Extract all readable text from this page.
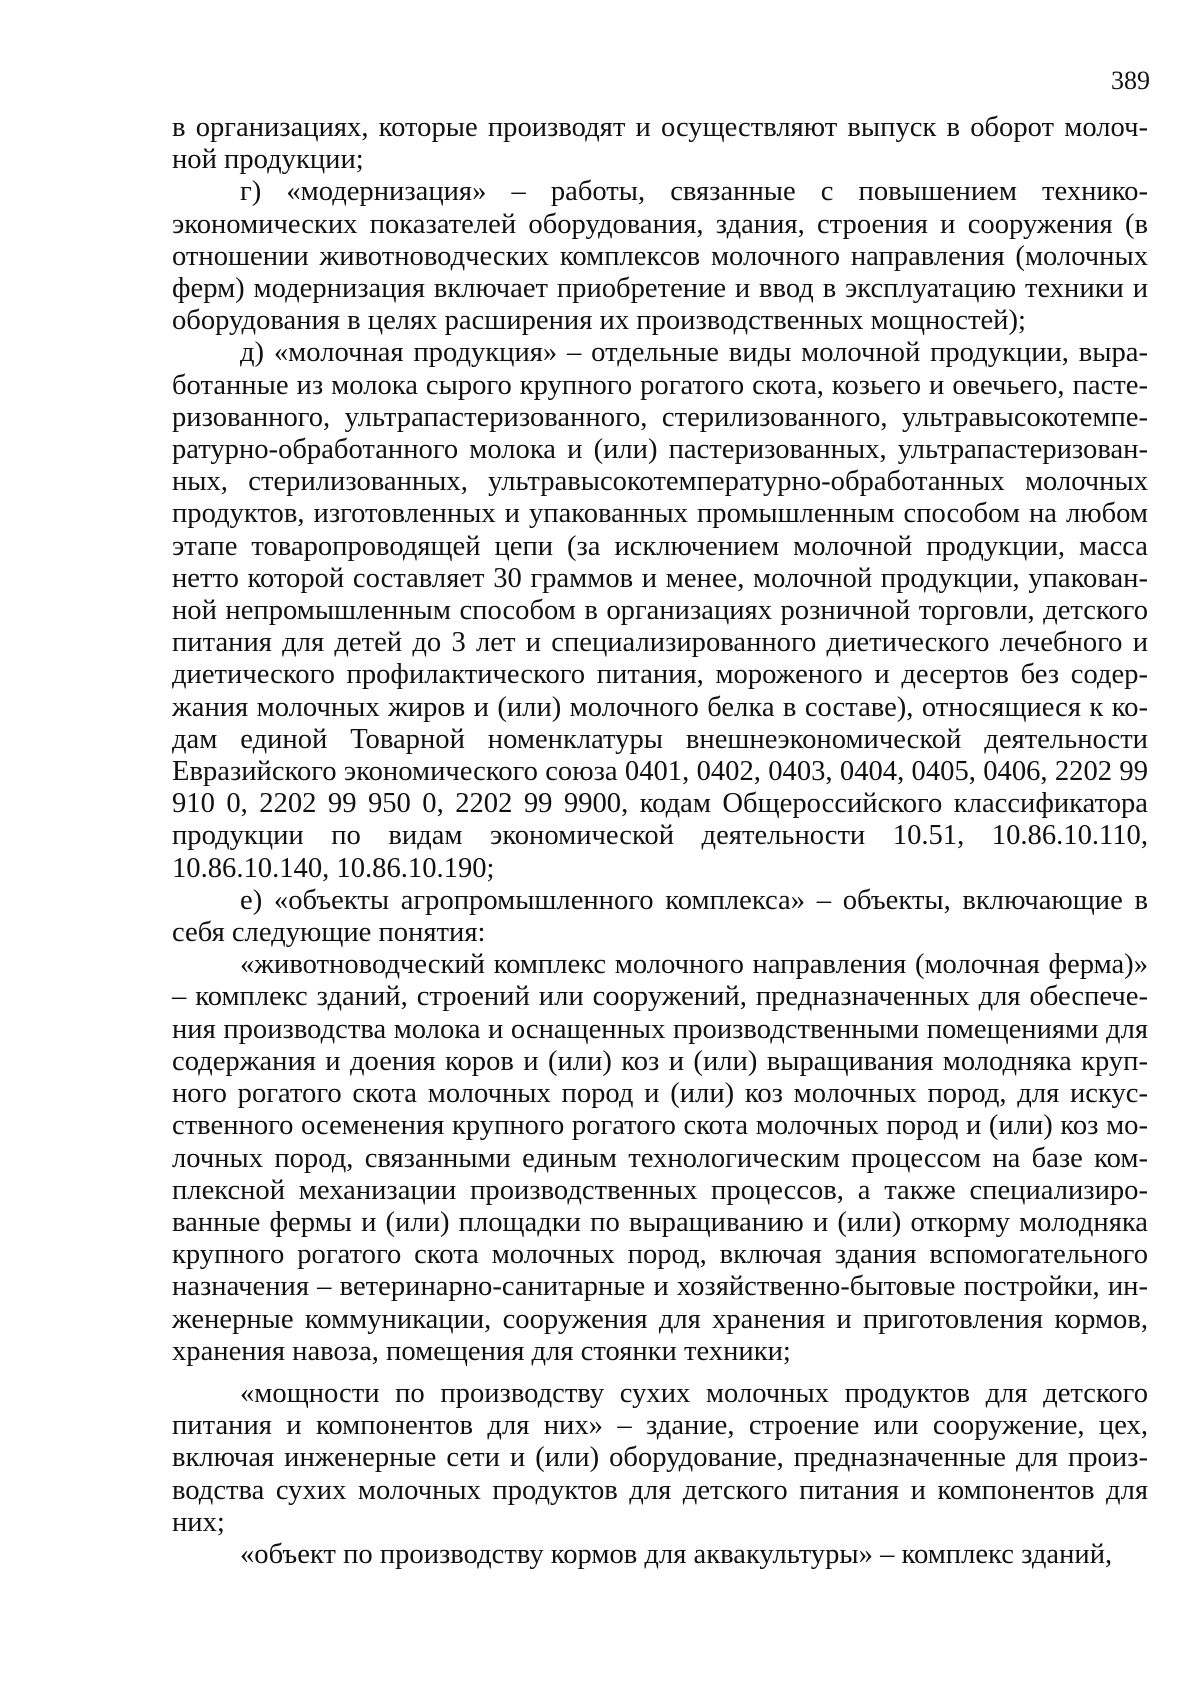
389

в организациях, которые производят и осуществляют выпуск в оборот молочной продукции;

г) «модернизация» – работы, связанные с повышением технико-экономических показателей оборудования, здания, строения и сооружения (в отношении животноводческих комплексов молочного направления (молочных ферм) модернизация включает приобретение и ввод в эксплуатацию техники и оборудования в целях расширения их производственных мощностей);

д) «молочная продукция» – отдельные виды молочной продукции, выработанные из молока сырого крупного рогатого скота, козьего и овечьего, пастеризованного, ультрапастеризованного, стерилизованного, ультравысокотемпературно-обработанного молока и (или) пастеризованных, ультрапастеризованных, стерилизованных, ультравысокотемпературно-обработанных молочных продуктов, изготовленных и упакованных промышленным способом на любом этапе товаропроводящей цепи (за исключением молочной продукции, масса нетто которой составляет 30 граммов и менее, молочной продукции, упакованной непромышленным способом в организациях розничной торговли, детского питания для детей до 3 лет и специализированного диетического лечебного и диетического профилактического питания, мороженого и десертов без содержания молочных жиров и (или) молочного белка в составе), относящиеся к кодам единой Товарной номенклатуры внешнеэкономической деятельности Евразийского экономического союза 0401, 0402, 0403, 0404, 0405, 0406, 2202 99 910 0, 2202 99 950 0, 2202 99 9900, кодам Общероссийского классификатора продукции по видам экономической деятельности 10.51, 10.86.10.110, 10.86.10.140, 10.86.10.190;

е) «объекты агропромышленного комплекса» – объекты, включающие в себя следующие понятия:

«животноводческий комплекс молочного направления (молочная ферма)» – комплекс зданий, строений или сооружений, предназначенных для обеспечения производства молока и оснащенных производственными помещениями для содержания и доения коров и (или) коз и (или) выращивания молодняка крупного рогатого скота молочных пород и (или) коз молочных пород, для искусственного осеменения крупного рогатого скота молочных пород и (или) коз молочных пород, связанными единым технологическим процессом на базе комплексной механизации производственных процессов, а также специализированные фермы и (или) площадки по выращиванию и (или) откорму молодняка крупного рогатого скота молочных пород, включая здания вспомогательного назначения – ветеринарно-санитарные и хозяйственно-бытовые постройки, инженерные коммуникации, сооружения для хранения и приготовления кормов, хранения навоза, помещения для стоянки техники;

«мощности по производству сухих молочных продуктов для детского питания и компонентов для них» – здание, строение или сооружение, цех, включая инженерные сети и (или) оборудование, предназначенные для производства сухих молочных продуктов для детского питания и компонентов для них;

«объект по производству кормов для аквакультуры» – комплекс зданий,
